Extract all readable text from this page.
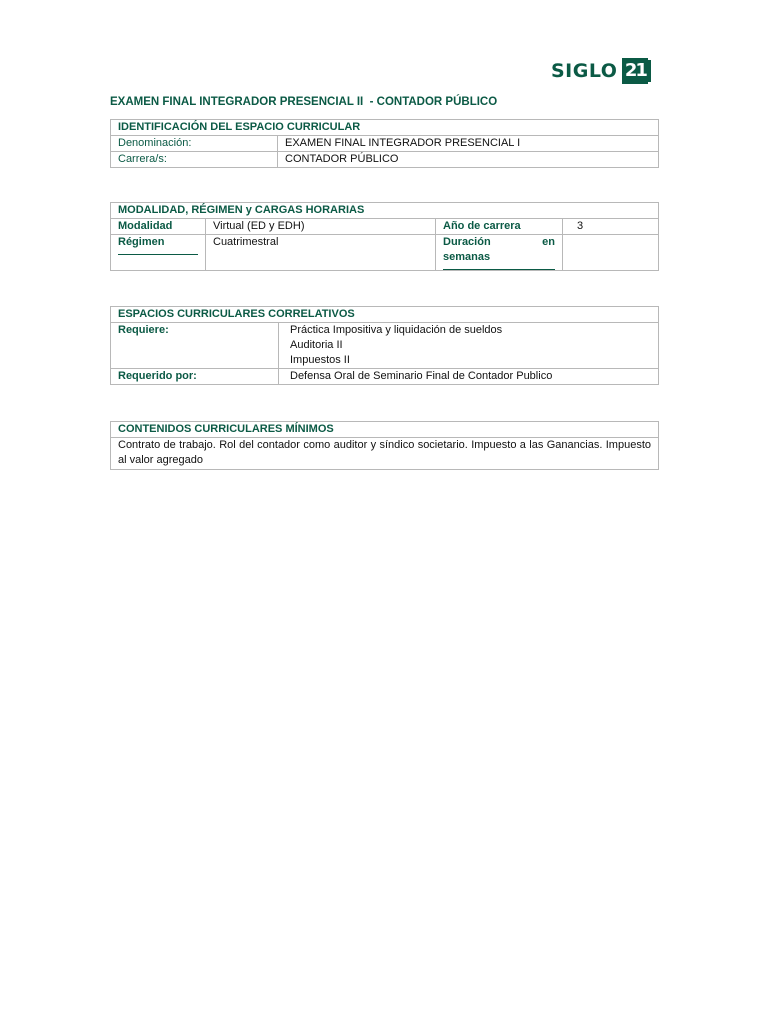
SIGLO 21
EXAMEN FINAL INTEGRADOR PRESENCIAL II  - CONTADOR PÚBLICO
IDENTIFICACIÓN DEL ESPACIO CURRICULAR	
Denominación:	EXAMEN FINAL INTEGRADOR PRESENCIAL I
Carrera/s:	CONTADOR PÚBLICO
MODALIDAD, RÉGIMEN y CARGAS HORARIAS			
Modalidad	Virtual (ED y EDH)	Año de carrera	3
Régimen	Cuatrimestral	Duración en
semanas

ESPACIOS CURRICULARES CORRELATIVOS	
Requiere:	Práctica Impositiva y liquidación de sueldos
Auditoria II
Impuestos II

Requerido por:	Defensa Oral de Seminario Final de Contador Publico
CONTENIDOS CURRICULARES MÍNIMOS
Contrato de trabajo. Rol del contador como auditor y síndico societario. Impuesto a las Ganancias. Impuesto al valor agregado
